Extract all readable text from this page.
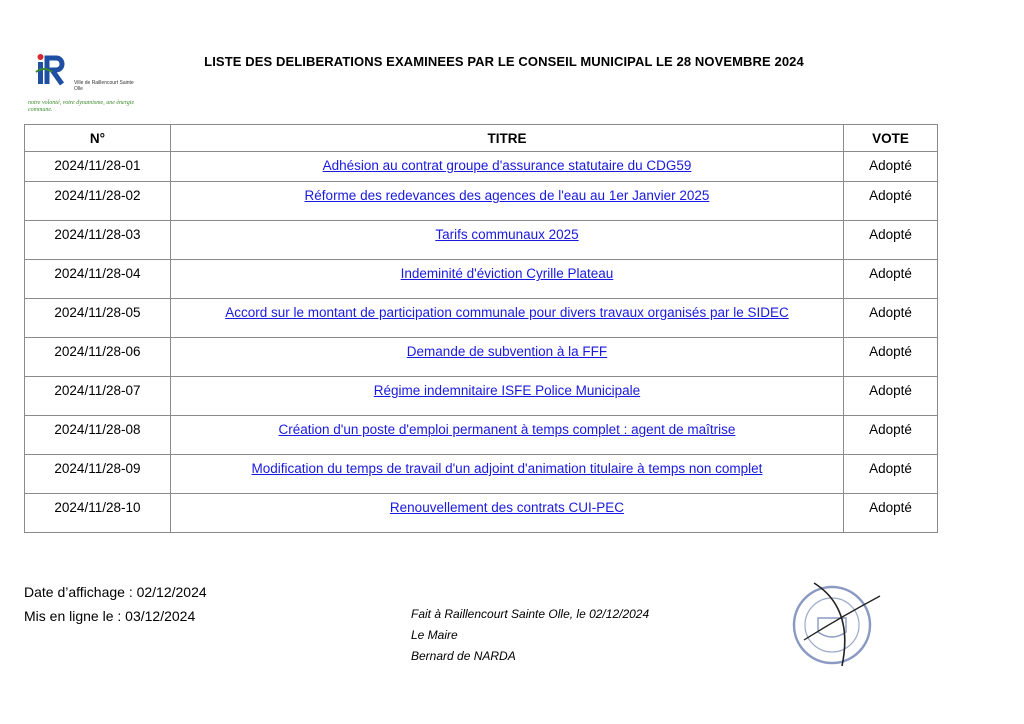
Ville de Raillencourt Sainte Olle
notre volonté, votre dynamisme, une énergie commune.
LISTE DES DELIBERATIONS EXAMINEES PAR LE CONSEIL MUNICIPAL LE 28 NOVEMBRE 2024
N°	TITRE	VOTE
2024/11/28-01	Adhésion au contrat groupe d'assurance statutaire du CDG59	Adopté
2024/11/28-02	Réforme des redevances des agences de l'eau au 1er Janvier 2025	Adopté
2024/11/28-03	Tarifs communaux 2025	Adopté
2024/11/28-04	Indeminité d'éviction Cyrille Plateau	Adopté
2024/11/28-05	Accord sur le montant de participation communale pour divers travaux organisés par le SIDEC	Adopté
2024/11/28-06	Demande de subvention à la FFF	Adopté
2024/11/28-07	Régime indemnitaire ISFE Police Municipale	Adopté
2024/11/28-08	Création d'un poste d'emploi permanent à temps complet : agent de maîtrise	Adopté
2024/11/28-09	Modification du temps de travail d'un adjoint d'animation titulaire à temps non complet	Adopté
2024/11/28-10	Renouvellement des contrats CUI-PEC	Adopté
Date d’affichage : 02/12/2024
Mis en ligne le : 03/12/2024	Fait à Raillencourt Sainte Olle, le 02/12/2024
Le Maire
Bernard de NARDA
